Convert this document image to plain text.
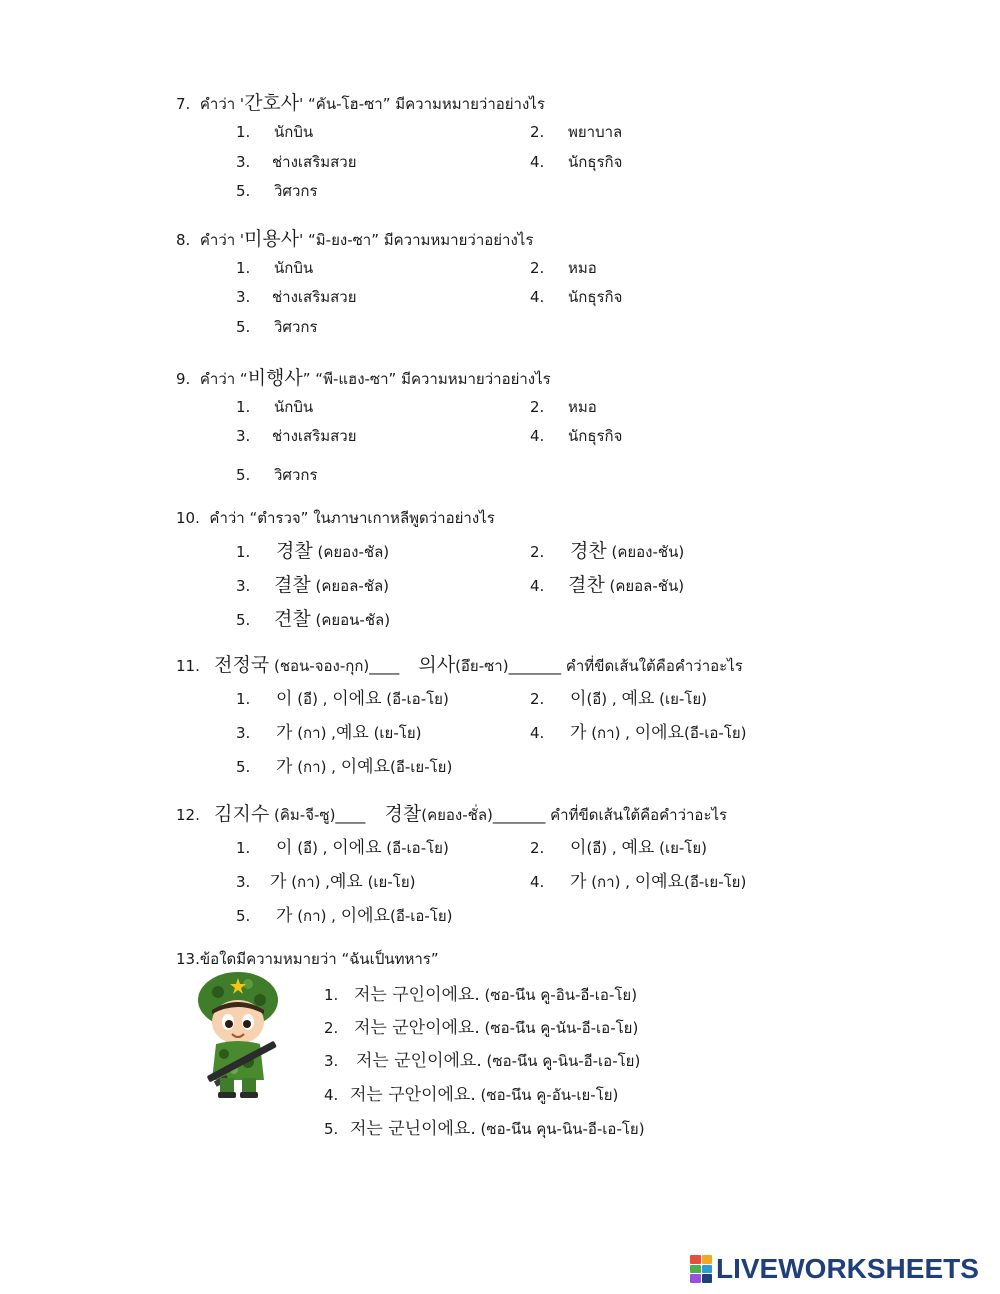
7. คำว่า '간호사' “คัน-โฮ-ซา” มีความหมายว่าอย่างไร
1. นักบิน	2. พยาบาล
3. ช่างเสริมสวย	4. นักธุรกิจ
5. วิศวกร
8. คำว่า '미용사' “มิ-ยง-ซา” มีความหมายว่าอย่างไร
1. นักบิน	2. หมอ
3. ช่างเสริมสวย	4. นักธุรกิจ
5. วิศวกร
9. คำว่า “비행사” “พี-แฮง-ซา” มีความหมายว่าอย่างไร
1. นักบิน	2. หมอ
3. ช่างเสริมสวย	4. นักธุรกิจ
5. วิศวกร
10. คำว่า “ตำรวจ” ในภาษาเกาหลีพูดว่าอย่างไร
1. 경찰 (คยอง-ชัล)	2. 경찬 (คยอง-ชัน)
3. 결찰 (คยอล-ชัล)	4. 결찬 (คยอล-ชัน)
5. 견찰 (คยอน-ชัล)
11. 전정국 (ชอน-จอง-กุก)____ 의사(อึย-ซา)_______ คำที่ขีดเส้นใต้คือคำว่าอะไร
1. 이 (อี) , 이에요 (อี-เอ-โย)	2. 이(อี) , 예요 (เย-โย)
3. 가 (กา) ,예요 (เย-โย)	4. 가 (กา) , 이에요(อี-เอ-โย)
5. 가 (กา) , 이예요(อี-เย-โย)
12. 김지수 (คิม-จี-ซู)____ 경찰(คยอง-ชั่ล)_______ คำที่ขีดเส้นใต้คือคำว่าอะไร
1. 이 (อี) , 이에요 (อี-เอ-โย)	2. 이(อี) , 예요 (เย-โย)
3. 가 (กา) ,예요 (เย-โย)	4. 가 (กา) , 이예요(อี-เย-โย)
5. 가 (กา) , 이에요(อี-เอ-โย)
13.ข้อใดมีความหมายว่า “ฉันเป็นทหาร”
1. 저는 구인이에요. (ซอ-นึน คู-อิน-อี-เอ-โย)
2. 저는 군안이에요. (ซอ-นึน คู-นัน-อี-เอ-โย)
3. 저는 군인이에요. (ซอ-นึน คู-นิน-อี-เอ-โย)
4. 저는 구안이에요. (ซอ-นึน คู-อัน-เย-โย)
5. 저는 군닌이에요. (ซอ-นึน คุน-นิน-อี-เอ-โย)
LIVEWORKSHEETS
